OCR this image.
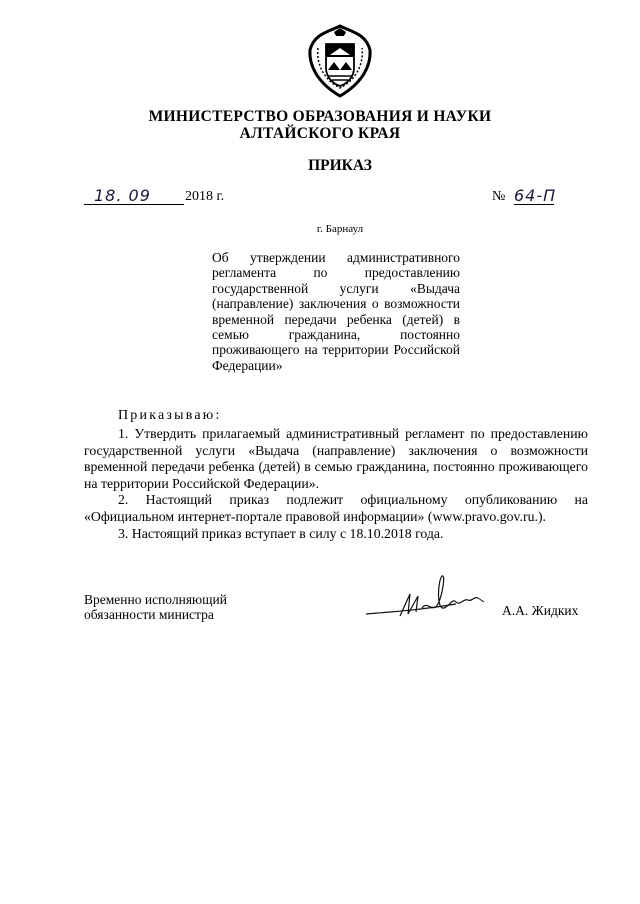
МИНИСТЕРСТВО ОБРАЗОВАНИЯ И НАУКИ
АЛТАЙСКОГО КРАЯ
ПРИКАЗ
18. 09 2018 г.	№ 64-П
г. Барнаул
Об утверждении административного регламента по предоставлению государственной услуги «Выдача (направление) заключения о возможности временной передачи ребенка (детей) в семью гражданина, постоянно проживающего на территории Российской Федерации»
Приказываю:

1. Утвердить прилагаемый административный регламент по предоставлению государственной услуги «Выдача (направление) заключения о возможности временной передачи ребенка (детей) в семью гражданина, постоянно проживающего на территории Российской Федерации».

2. Настоящий приказ подлежит официальному опубликованию на «Официальном интернет-портале правовой информации» (www.pravo.gov.ru.).

3. Настоящий приказ вступает в силу с 18.10.2018 года.

Временно исполняющий
обязанности министра	А.А. Жидких
